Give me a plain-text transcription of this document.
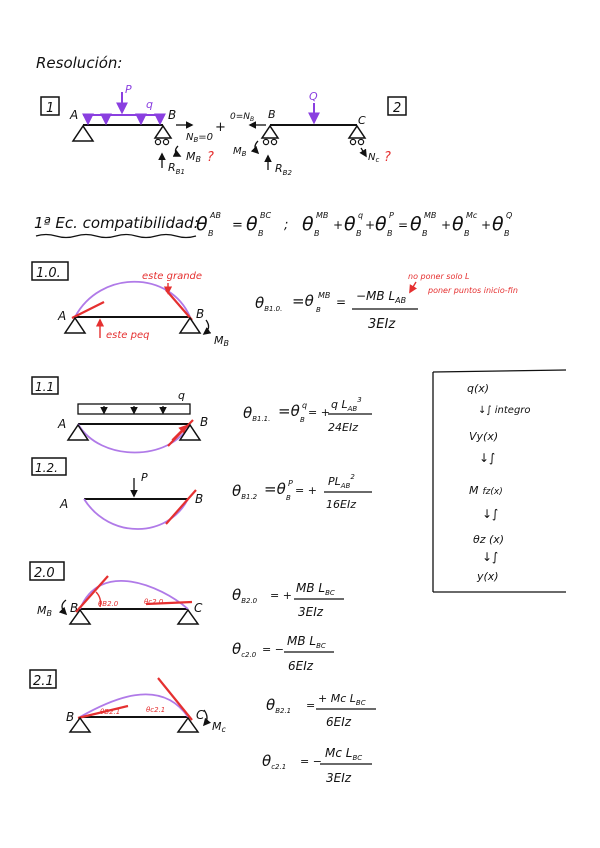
Resolución:
1 A	B
P
q
$N_B=0$
+
MB ?
$R_{B1}$
2
$0=N_B$ B	C
Q
$M_B$
$R_{B2}$
$N_c$ ?
1ª Ec. compatibilidad:
θ B
AB
= θ B
BC
; θ B
MB
+ θ B
q
+ θ B
P
= θ B
MB
+ θ B
Mc
+ θ B
Q
1.0.
A	B
MB
este grande
este peq
$\theta_{B1.0.} =\theta$ MB
B
= −MB $L_{AB}$
3EIz
no poner solo L
poner puntos inicio-fin
1.1
A	B
q
$\theta_{B1.1.} =\theta$ q
B
= +
q $L_{AB}^3$
24EIz
1.2.
A	B
P
$\theta_{B1.2} =\theta$ P
B
= +
$PL_{AB}^2$
16EIz
q(x)
↓∫ integro
Vy(x)
↓∫
M fz(x)
↓∫
θz (x)
↓∫
y(x)
2.0
MB B	C
θB2.0	θc2.0	$\theta_{B2.0}$ = +
MB $L_{BC}$
3EIz
$\theta_{c2.0}$ = −
MB $L_{BC}$
6EIz
2.1
B	C
Mc
θB2.1	θc2.1	$\theta_{B2.1}$ =
+ Mc $L_{BC}$
6EIz
$\theta_{c2.1}$ = −
Mc $L_{BC}$
3EIz
